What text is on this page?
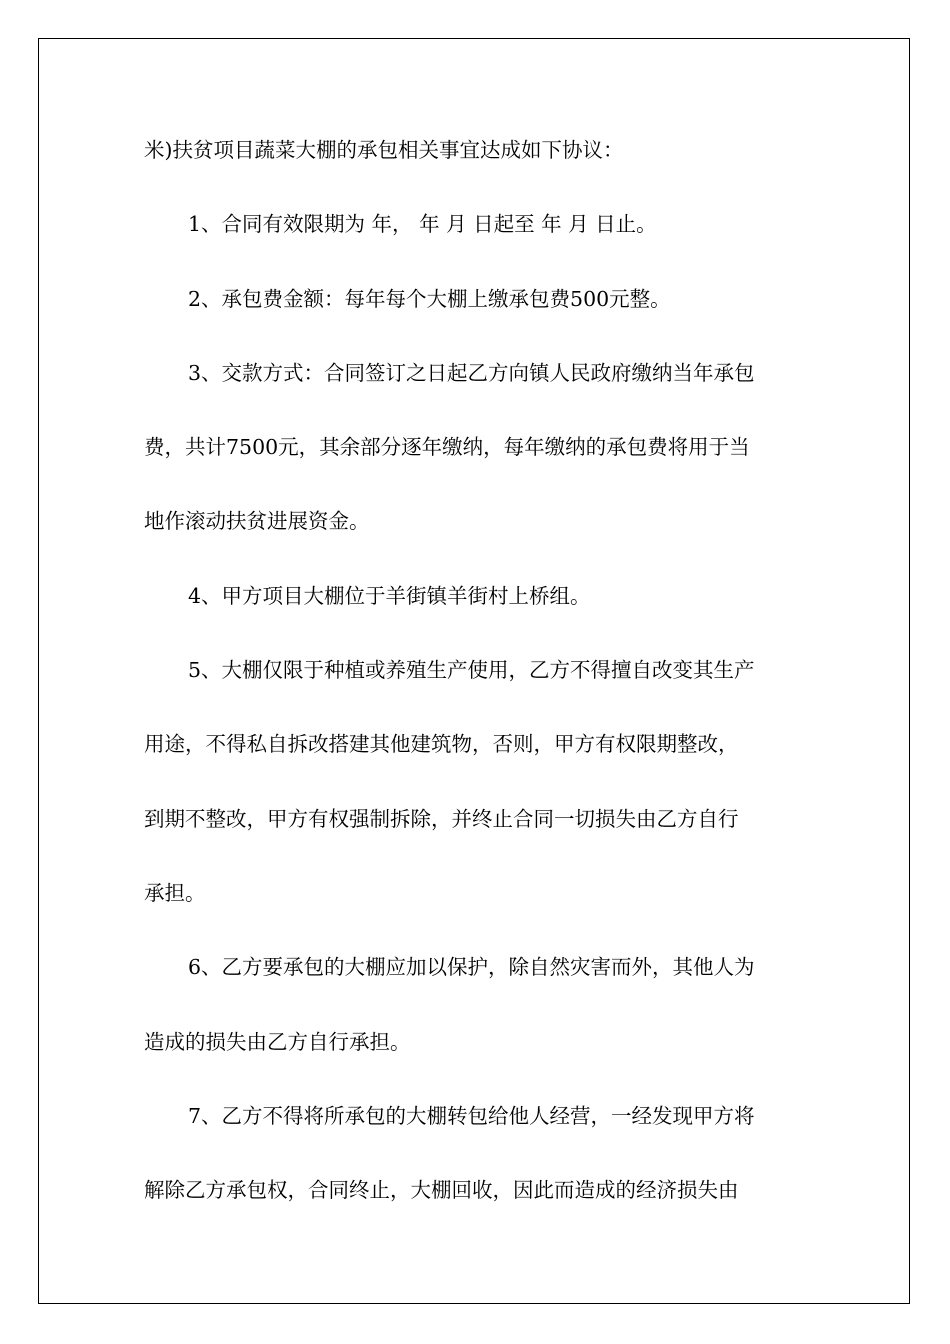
米)扶贫项目蔬菜大棚的承包相关事宜达成如下协议：
1、合同有效限期为 年， 年 月 日起至 年 月 日止。
2、承包费金额：每年每个大棚上缴承包费500元整。
3、交款方式：合同签订之日起乙方向镇人民政府缴纳当年承包
费，共计7500元，其余部分逐年缴纳，每年缴纳的承包费将用于当
地作滚动扶贫进展资金。
4、甲方项目大棚位于羊街镇羊街村上桥组。
5、大棚仅限于种植或养殖生产使用，乙方不得擅自改变其生产
用途，不得私自拆改搭建其他建筑物，否则，甲方有权限期整改，
到期不整改，甲方有权强制拆除，并终止合同一切损失由乙方自行
承担。
6、乙方要承包的大棚应加以保护，除自然灾害而外，其他人为
造成的损失由乙方自行承担。
7、乙方不得将所承包的大棚转包给他人经营，一经发现甲方将
解除乙方承包权，合同终止，大棚回收，因此而造成的经济损失由
